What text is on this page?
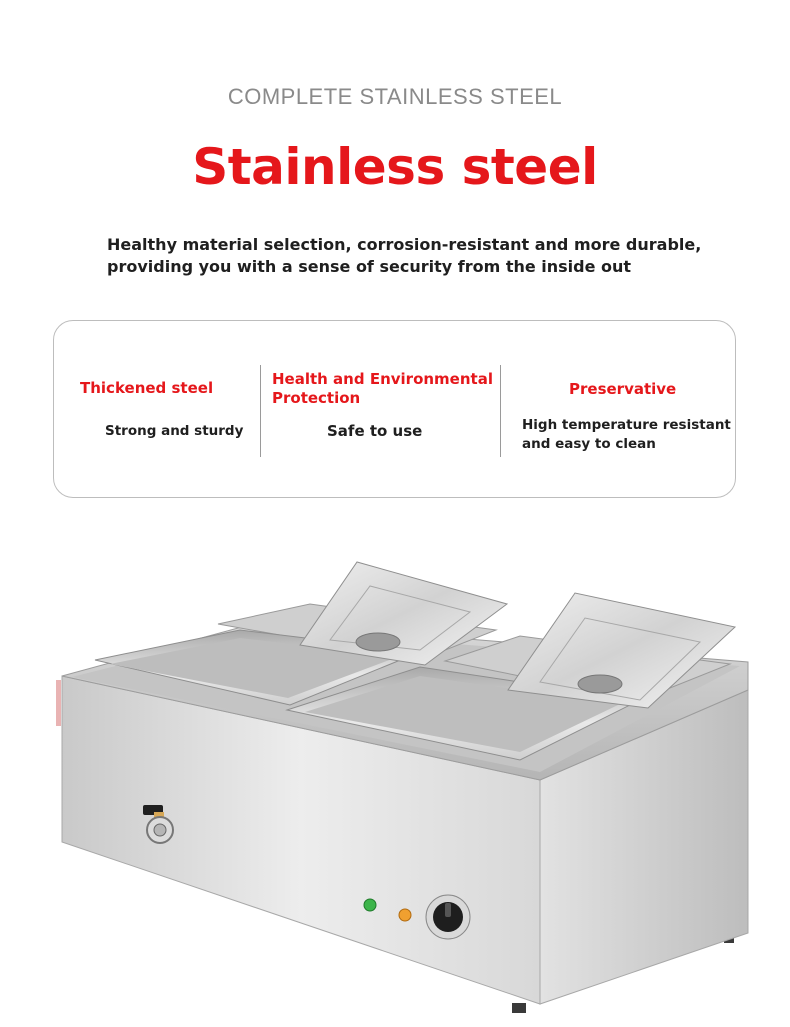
COMPLETE STAINLESS STEEL
Stainless steel
Healthy material selection, corrosion-resistant and more durable,
providing you with a sense of security from the inside out
Thickened steel
Strong and sturdy
Health and Environmental
Protection
Safe to use
Preservative
High temperature resistant
and easy to clean
